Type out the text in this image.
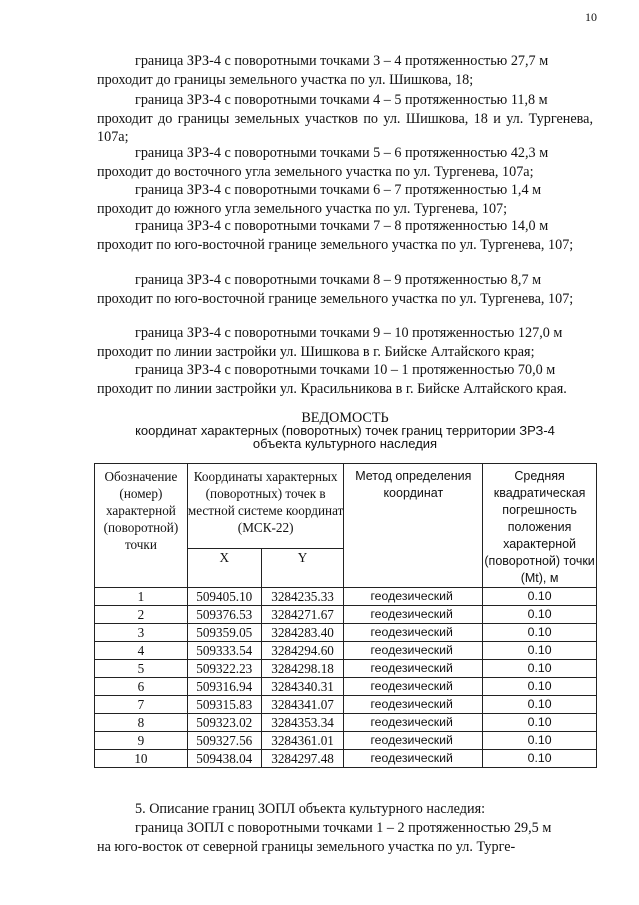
10

граница ЗРЗ-4 с поворотными точками 3 – 4 протяженностью 27,7 м
проходит до границы земельного участка по ул. Шишкова, 18;

граница ЗРЗ-4 с поворотными точками 4 – 5 протяженностью 11,8 м
проходит до границы земельных участков по ул. Шишкова, 18 и ул. Тургенева, 107а;

граница ЗРЗ-4 с поворотными точками 5 – 6 протяженностью 42,3 м
проходит до восточного угла земельного участка по ул. Тургенева, 107а;

граница ЗРЗ-4 с поворотными точками 6 – 7 протяженностью 1,4 м
проходит до южного угла земельного участка по ул. Тургенева, 107;

граница ЗРЗ-4 с поворотными точками 7 – 8 протяженностью 14,0 м
проходит по юго-восточной границе земельного участка по ул. Тургенева, 107;

граница ЗРЗ-4 с поворотными точками 8 – 9 протяженностью 8,7 м
проходит по юго-восточной границе земельного участка по ул. Тургенева, 107;

граница ЗРЗ-4 с поворотными точками 9 – 10 протяженностью 127,0 м
проходит по линии застройки ул. Шишкова в г. Бийске Алтайского края;

граница ЗРЗ-4 с поворотными точками 10 – 1 протяженностью 70,0 м
проходит по линии застройки ул. Красильникова в г. Бийске Алтайского края.

ВЕДОМОСТЬ

координат характерных (поворотных) точек границ территории ЗРЗ-4

объекта культурного наследия

Обозначение (номер) характерной (поворотной) точки	Координаты характерных (поворотных) точек в местной системе координат (МСК-22)		Метод определения координат	Средняя квадратическая погрешность положения характерной (поворотной) точки (Mt), м
	X	Y		
1	509405.10	3284235.33	геодезический	0.10
2	509376.53	3284271.67	геодезический	0.10
3	509359.05	3284283.40	геодезический	0.10
4	509333.54	3284294.60	геодезический	0.10
5	509322.23	3284298.18	геодезический	0.10
6	509316.94	3284340.31	геодезический	0.10
7	509315.83	3284341.07	геодезический	0.10
8	509323.02	3284353.34	геодезический	0.10
9	509327.56	3284361.01	геодезический	0.10
10	509438.04	3284297.48	геодезический	0.10

5. Описание границ ЗОПЛ объекта культурного наследия:

граница ЗОПЛ с поворотными точками 1 – 2 протяженностью 29,5 м
на юго-восток от северной границы земельного участка по ул. Турге-
